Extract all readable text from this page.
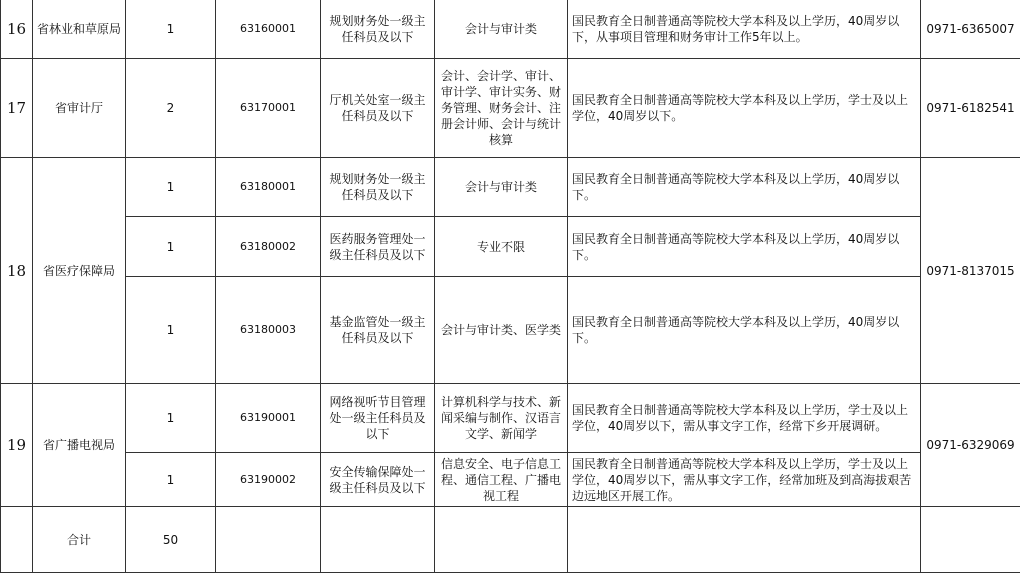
16	省林业和草原局	1	63160001	规划财务处一级主任科员及以下	会计与审计类	国民教育全日制普通高等院校大学本科及以上学历，40周岁以下，从事项目管理和财务审计工作5年以上。	0971-6365007
17	省审计厅	2	63170001	厅机关处室一级主任科员及以下	会计、会计学、审计、审计学、审计实务、财务管理、财务会计、注册会计师、会计与统计核算	国民教育全日制普通高等院校大学本科及以上学历，学士及以上学位，40周岁以下。	0971-6182541
18	省医疗保障局	1	63180001	规划财务处一级主任科员及以下	会计与审计类	国民教育全日制普通高等院校大学本科及以上学历，40周岁以下。	0971-8137015
		1	63180002	医药服务管理处一级主任科员及以下	专业不限	国民教育全日制普通高等院校大学本科及以上学历，40周岁以下。	
		1	63180003	基金监管处一级主任科员及以下	会计与审计类、医学类	国民教育全日制普通高等院校大学本科及以上学历，40周岁以下。	
19	省广播电视局	1	63190001	网络视听节目管理处一级主任科员及以下	计算机科学与技术、新闻采编与制作、汉语言文学、新闻学	国民教育全日制普通高等院校大学本科及以上学历，学士及以上学位，40周岁以下，需从事文字工作，经常下乡开展调研。	0971-6329069
		1	63190002	安全传输保障处一级主任科员及以下	信息安全、电子信息工程、通信工程、广播电视工程	国民教育全日制普通高等院校大学本科及以上学历，学士及以上学位，40周岁以下，需从事文字工作，经常加班及到高海拔艰苦边远地区开展工作。	
	合计	50					
